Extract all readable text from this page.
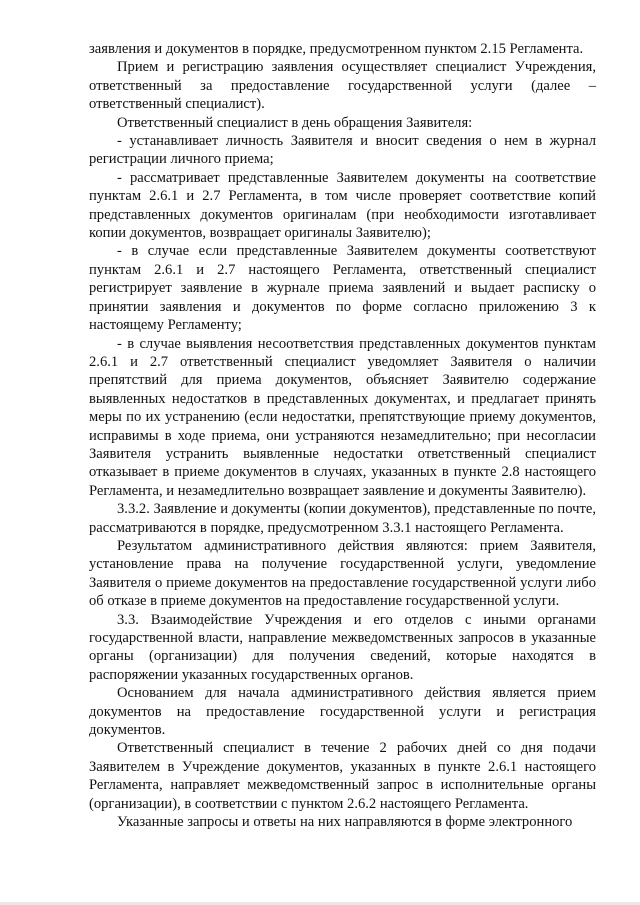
заявления и документов в порядке, предусмотренном пунктом 2.15 Регламента.

Прием и регистрацию заявления осуществляет специалист Учреждения, ответственный за предоставление государственной услуги (далее – ответственный специалист).

Ответственный специалист в день обращения Заявителя:

- устанавливает личность Заявителя и вносит сведения о нем в журнал регистрации личного приема;

- рассматривает представленные Заявителем документы на соответствие пунктам 2.6.1 и 2.7 Регламента, в том числе проверяет соответствие копий представленных документов оригиналам (при необходимости изготавливает копии документов, возвращает оригиналы Заявителю);

- в случае если представленные Заявителем документы соответствуют пунктам 2.6.1 и 2.7 настоящего Регламента, ответственный специалист регистрирует заявление в журнале приема заявлений и выдает расписку о принятии заявления и документов по форме согласно приложению 3 к настоящему Регламенту;

- в случае выявления несоответствия представленных документов пунктам 2.6.1 и 2.7 ответственный специалист уведомляет Заявителя о наличии препятствий для приема документов, объясняет Заявителю содержание выявленных недостатков в представленных документах, и предлагает принять меры по их устранению (если недостатки, препятствующие приему документов, исправимы в ходе приема, они устраняются незамедлительно; при несогласии Заявителя устранить выявленные недостатки ответственный специалист отказывает в приеме документов в случаях, указанных в пункте 2.8 настоящего Регламента, и незамедлительно возвращает заявление и документы Заявителю).

3.3.2. Заявление и документы (копии документов), представленные по почте, рассматриваются в порядке, предусмотренном 3.3.1 настоящего Регламента.

Результатом административного действия являются: прием Заявителя, установление права на получение государственной услуги, уведомление Заявителя о приеме документов на предоставление государственной услуги либо об отказе в приеме документов на предоставление государственной услуги.

3.3. Взаимодействие Учреждения и его отделов с иными органами государственной власти, направление межведомственных запросов в указанные органы (организации) для получения сведений, которые находятся в распоряжении указанных государственных органов.

Основанием для начала административного действия является прием документов на предоставление государственной услуги и регистрация документов.

Ответственный специалист в течение 2 рабочих дней со дня подачи Заявителем в Учреждение документов, указанных в пункте 2.6.1 настоящего Регламента, направляет межведомственный запрос в исполнительные органы (организации), в соответствии с пунктом 2.6.2 настоящего Регламента.

Указанные запросы и ответы на них направляются в форме электронного
